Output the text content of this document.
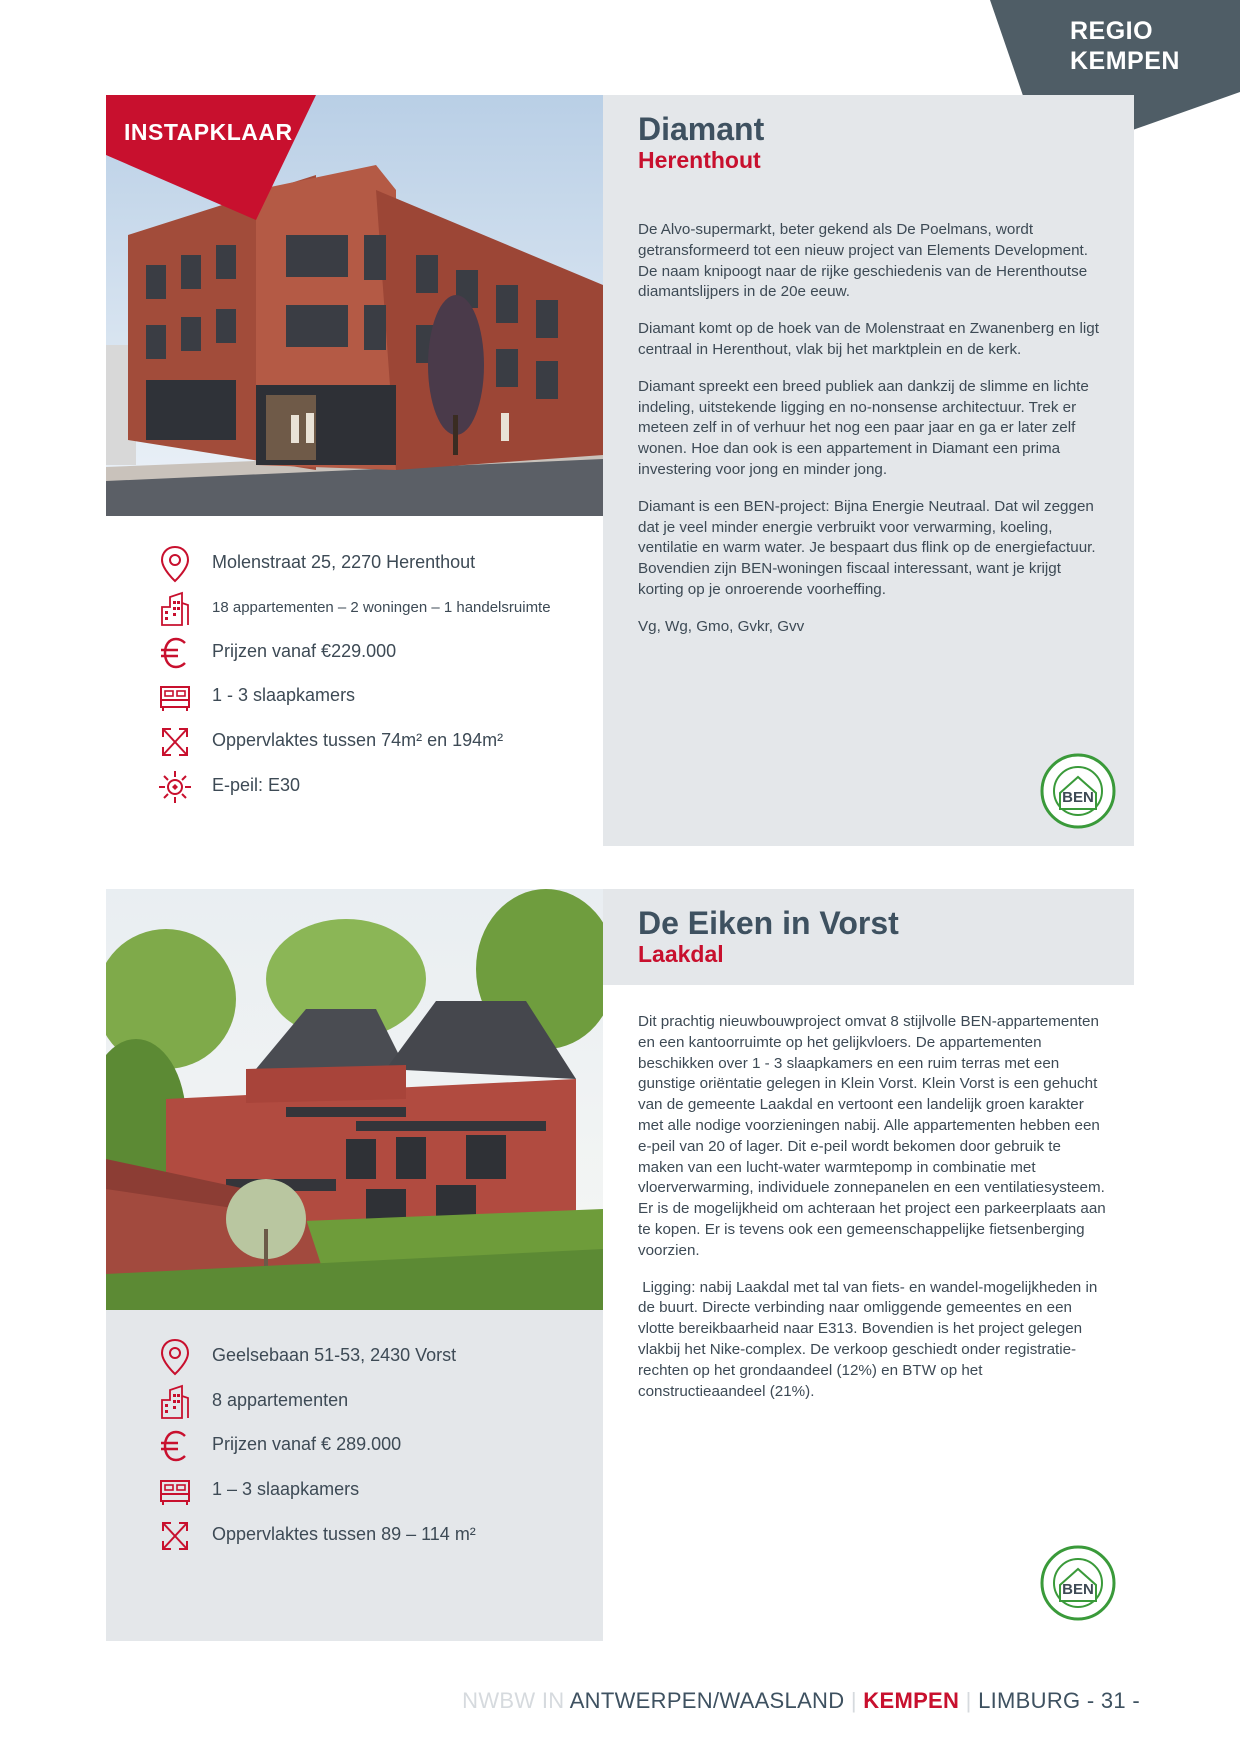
REGIO
KEMPEN
INSTAPKLAAR	Diamant
Herenthout

De Alvo-supermarkt, beter gekend als De Poelmans, wordt getransformeerd tot een nieuw project van Elements Development. De naam knipoogt naar de rijke geschiedenis van de Herenthoutse diamantslijpers in de 20e eeuw.

Diamant komt op de hoek van de Molenstraat en Zwanenberg en ligt centraal in Herenthout, vlak bij het marktplein en de kerk.

Diamant spreekt een breed publiek aan dankzij de slimme en lichte indeling, uitstekende ligging en no-nonsense architectuur. Trek er meteen zelf in of verhuur het nog een paar jaar en ga er later zelf wonen. Hoe dan ook is een appartement in Diamant een prima investering voor jong en minder jong.

Diamant is een BEN-project: Bijna Energie Neutraal. Dat wil zeggen dat je veel minder energie verbruikt voor verwarming, koeling, ventilatie en warm water. Je bespaart dus flink op de energiefactuur. Bovendien zijn BEN-woningen fiscaal interessant, want je krijgt korting op je onroerende voorheffing.

Vg, Wg, Gmo, Gvkr, Gvv

Molenstraat 25, 2270 Herenthout
18 appartementen – 2 woningen – 1 handelsruimte
Prijzen vanaf €229.000
1 - 3 slaapkamers
Oppervlaktes tussen 74m² en 194m²
E-peil: E30
BEN
De Eiken in Vorst
Laakdal

Dit prachtig nieuwbouwproject omvat 8 stijlvolle BEN-appartementen en een kantoorruimte op het gelijkvloers. De appartementen beschikken over 1 - 3 slaapkamers en een ruim terras met een gunstige oriëntatie gelegen in Klein Vorst. Klein Vorst is een gehucht van de gemeente Laakdal en vertoont een landelijk groen karakter met alle nodige voorzieningen nabij. Alle appartementen hebben een e-peil van 20 of lager. Dit e-peil wordt bekomen door gebruik te maken van een lucht-water warmtepomp in combinatie met vloerverwarming, individuele zonnepanelen en een ventilatiesysteem. Er is de mogelijkheid om achteraan het project een parkeerplaats aan te kopen. Er is tevens ook een gemeenschappelijke fietsenberging voorzien.

Ligging: nabij Laakdal met tal van fiets- en wandel-mogelijkheden in de buurt. Directe verbinding naar omliggende gemeentes en een vlotte bereikbaarheid naar E313. Bovendien is het project gelegen vlakbij het Nike-complex. De verkoop geschiedt onder registratie-rechten op het grondaandeel (12%) en BTW op het constructieaandeel (21%).

Geelsebaan 51-53, 2430 Vorst
8 appartementen
Prijzen vanaf € 289.000
1 – 3 slaapkamers
Oppervlaktes tussen 89 – 114 m²
BEN
NWBW IN ANTWERPEN/WAASLAND | KEMPEN | LIMBURG - 31 -
